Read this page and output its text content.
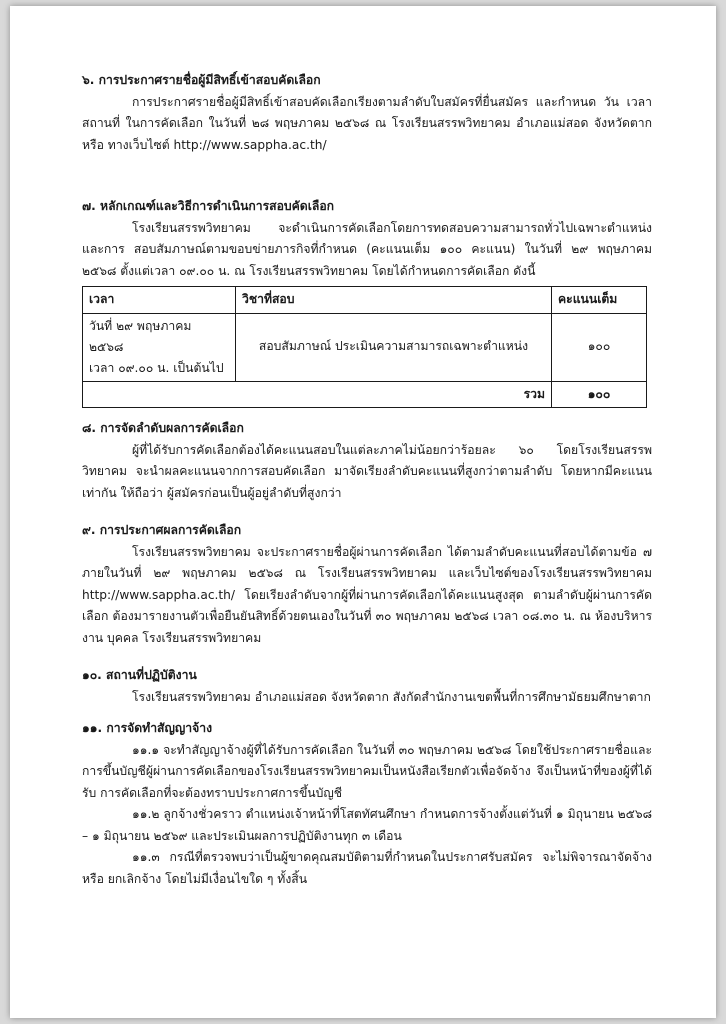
๖. การประกาศรายชื่อผู้มีสิทธิ์เข้าสอบคัดเลือก

การประกาศรายชื่อผู้มีสิทธิ์เข้าสอบคัดเลือกเรียงตามลำดับใบสมัครที่ยื่นสมัคร และกำหนด วัน เวลา สถานที่ ในการคัดเลือก ในวันที่ ๒๘ พฤษภาคม ๒๕๖๘ ณ โรงเรียนสรรพวิทยาคม อำเภอแม่สอด จังหวัดตาก หรือ ทางเว็บไซต์ http://www.sappha.ac.th/

๗. หลักเกณฑ์และวิธีการดำเนินการสอบคัดเลือก

โรงเรียนสรรพวิทยาคม จะดำเนินการคัดเลือกโดยการทดสอบความสามารถทั่วไปเฉพาะตำแหน่ง และการ สอบสัมภาษณ์ตามขอบข่ายภารกิจที่กำหนด (คะแนนเต็ม ๑๐๐ คะแนน) ในวันที่ ๒๙ พฤษภาคม ๒๕๖๘ ตั้งแต่เวลา ๐๙.๐๐ น. ณ โรงเรียนสรรพวิทยาคม โดยได้กำหนดการคัดเลือก ดังนี้

เวลา	วิชาที่สอบ	คะแนนเต็ม

วันที่ ๒๙ พฤษภาคม ๒๕๖๘
เวลา ๐๙.๐๐ น. เป็นต้นไป	สอบสัมภาษณ์ ประเมินความสามารถเฉพาะตำแหน่ง	๑๐๐
รวม		๑๐๐

๘. การจัดลำดับผลการคัดเลือก

ผู้ที่ได้รับการคัดเลือกต้องได้คะแนนสอบในแต่ละภาคไม่น้อยกว่าร้อยละ ๖๐ โดยโรงเรียนสรรพวิทยาคม จะนำผลคะแนนจากการสอบคัดเลือก มาจัดเรียงลำดับคะแนนที่สูงกว่าตามลำดับ โดยหากมีคะแนนเท่ากัน ให้ถือว่า ผู้สมัครก่อนเป็นผู้อยู่ลำดับที่สูงกว่า

๙. การประกาศผลการคัดเลือก

โรงเรียนสรรพวิทยาคม จะประกาศรายชื่อผู้ผ่านการคัดเลือก ได้ตามลำดับคะแนนที่สอบได้ตามข้อ ๗ ภายในวันที่ ๒๙ พฤษภาคม ๒๕๖๘ ณ โรงเรียนสรรพวิทยาคม และเว็บไซต์ของโรงเรียนสรรพวิทยาคม http://www.sappha.ac.th/ โดยเรียงลำดับจากผู้ที่ผ่านการคัดเลือกได้คะแนนสูงสุด ตามลำดับผู้ผ่านการคัดเลือก ต้องมารายงานตัวเพื่อยืนยันสิทธิ์ด้วยตนเองในวันที่ ๓๐ พฤษภาคม ๒๕๖๘ เวลา ๐๘.๓๐ น. ณ ห้องบริหารงาน บุคคล โรงเรียนสรรพวิทยาคม

๑๐. สถานที่ปฏิบัติงาน

โรงเรียนสรรพวิทยาคม อำเภอแม่สอด จังหวัดตาก สังกัดสำนักงานเขตพื้นที่การศึกษามัธยมศึกษาตาก

๑๑. การจัดทำสัญญาจ้าง

๑๑.๑ จะทำสัญญาจ้างผู้ที่ได้รับการคัดเลือก ในวันที่ ๓๐ พฤษภาคม ๒๕๖๘ โดยใช้ประกาศรายชื่อและ การขึ้นบัญชีผู้ผ่านการคัดเลือกของโรงเรียนสรรพวิทยาคมเป็นหนังสือเรียกตัวเพื่อจัดจ้าง จึงเป็นหน้าที่ของผู้ที่ได้รับ การคัดเลือกที่จะต้องทราบประกาศการขึ้นบัญชี

๑๑.๒ ลูกจ้างชั่วคราว ตำแหน่งเจ้าหน้าที่โสตทัศนศึกษา กำหนดการจ้างตั้งแต่วันที่ ๑ มิถุนายน ๒๕๖๘ – ๑ มิถุนายน ๒๕๖๙ และประเมินผลการปฏิบัติงานทุก ๓ เดือน

๑๑.๓ กรณีที่ตรวจพบว่าเป็นผู้ขาดคุณสมบัติตามที่กำหนดในประกาศรับสมัคร จะไม่พิจารณาจัดจ้างหรือ ยกเลิกจ้าง โดยไม่มีเงื่อนไขใด ๆ ทั้งสิ้น
